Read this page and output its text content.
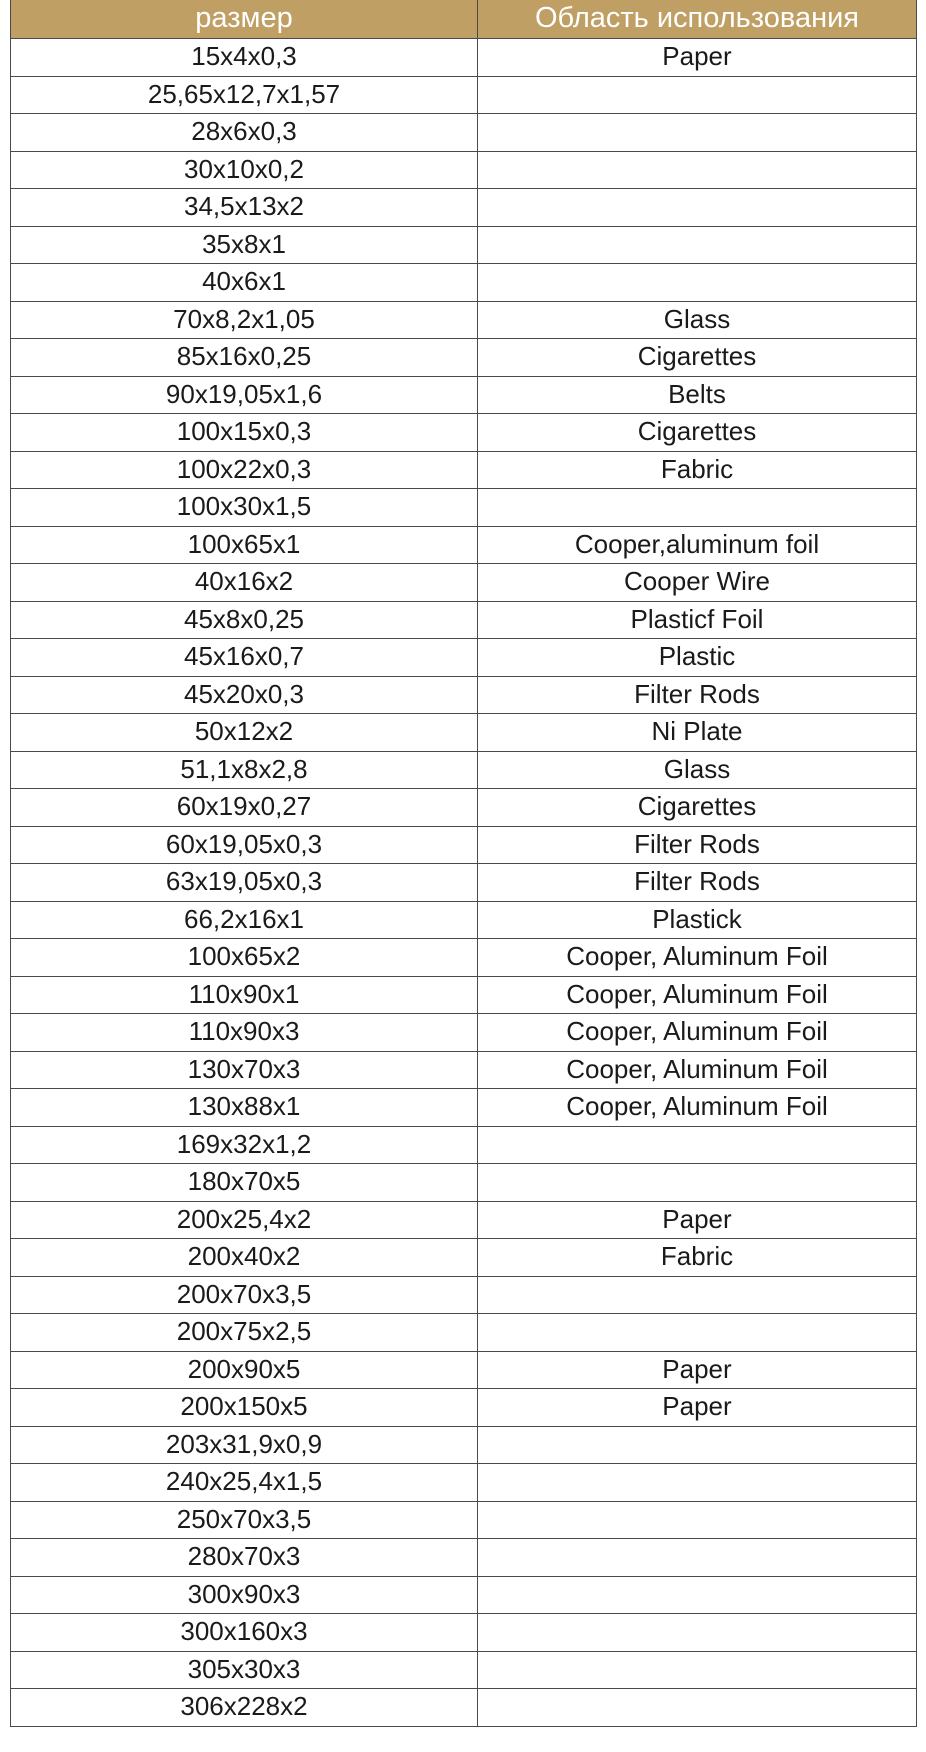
размер	Область использования
15x4x0,3	Paper
25,65x12,7x1,57	
28x6x0,3	
30x10x0,2	
34,5x13x2	
35x8x1	
40x6x1	
70x8,2x1,05	Glass
85x16x0,25	Cigarettes
90x19,05x1,6	Belts
100x15x0,3	Cigarettes
100x22x0,3	Fabric
100x30x1,5	
100x65x1	Cooper,aluminum foil
40x16x2	Cooper Wire
45x8x0,25	Plasticf Foil
45x16x0,7	Plastic
45x20x0,3	Filter Rods
50x12x2	Ni Plate
51,1x8x2,8	Glass
60x19x0,27	Cigarettes
60x19,05x0,3	Filter Rods
63x19,05x0,3	Filter Rods
66,2x16x1	Plastick
100x65x2	Cooper, Aluminum Foil
110x90x1	Cooper, Aluminum Foil
110x90x3	Cooper, Aluminum Foil
130x70x3	Cooper, Aluminum Foil
130x88x1	Cooper, Aluminum Foil
169x32x1,2	
180x70x5	
200x25,4x2	Paper
200x40x2	Fabric
200x70x3,5	
200x75x2,5	
200x90x5	Paper
200x150x5	Paper
203x31,9x0,9	
240x25,4x1,5	
250x70x3,5	
280x70x3	
300x90x3	
300x160x3	
305x30x3	
306x228x2	
